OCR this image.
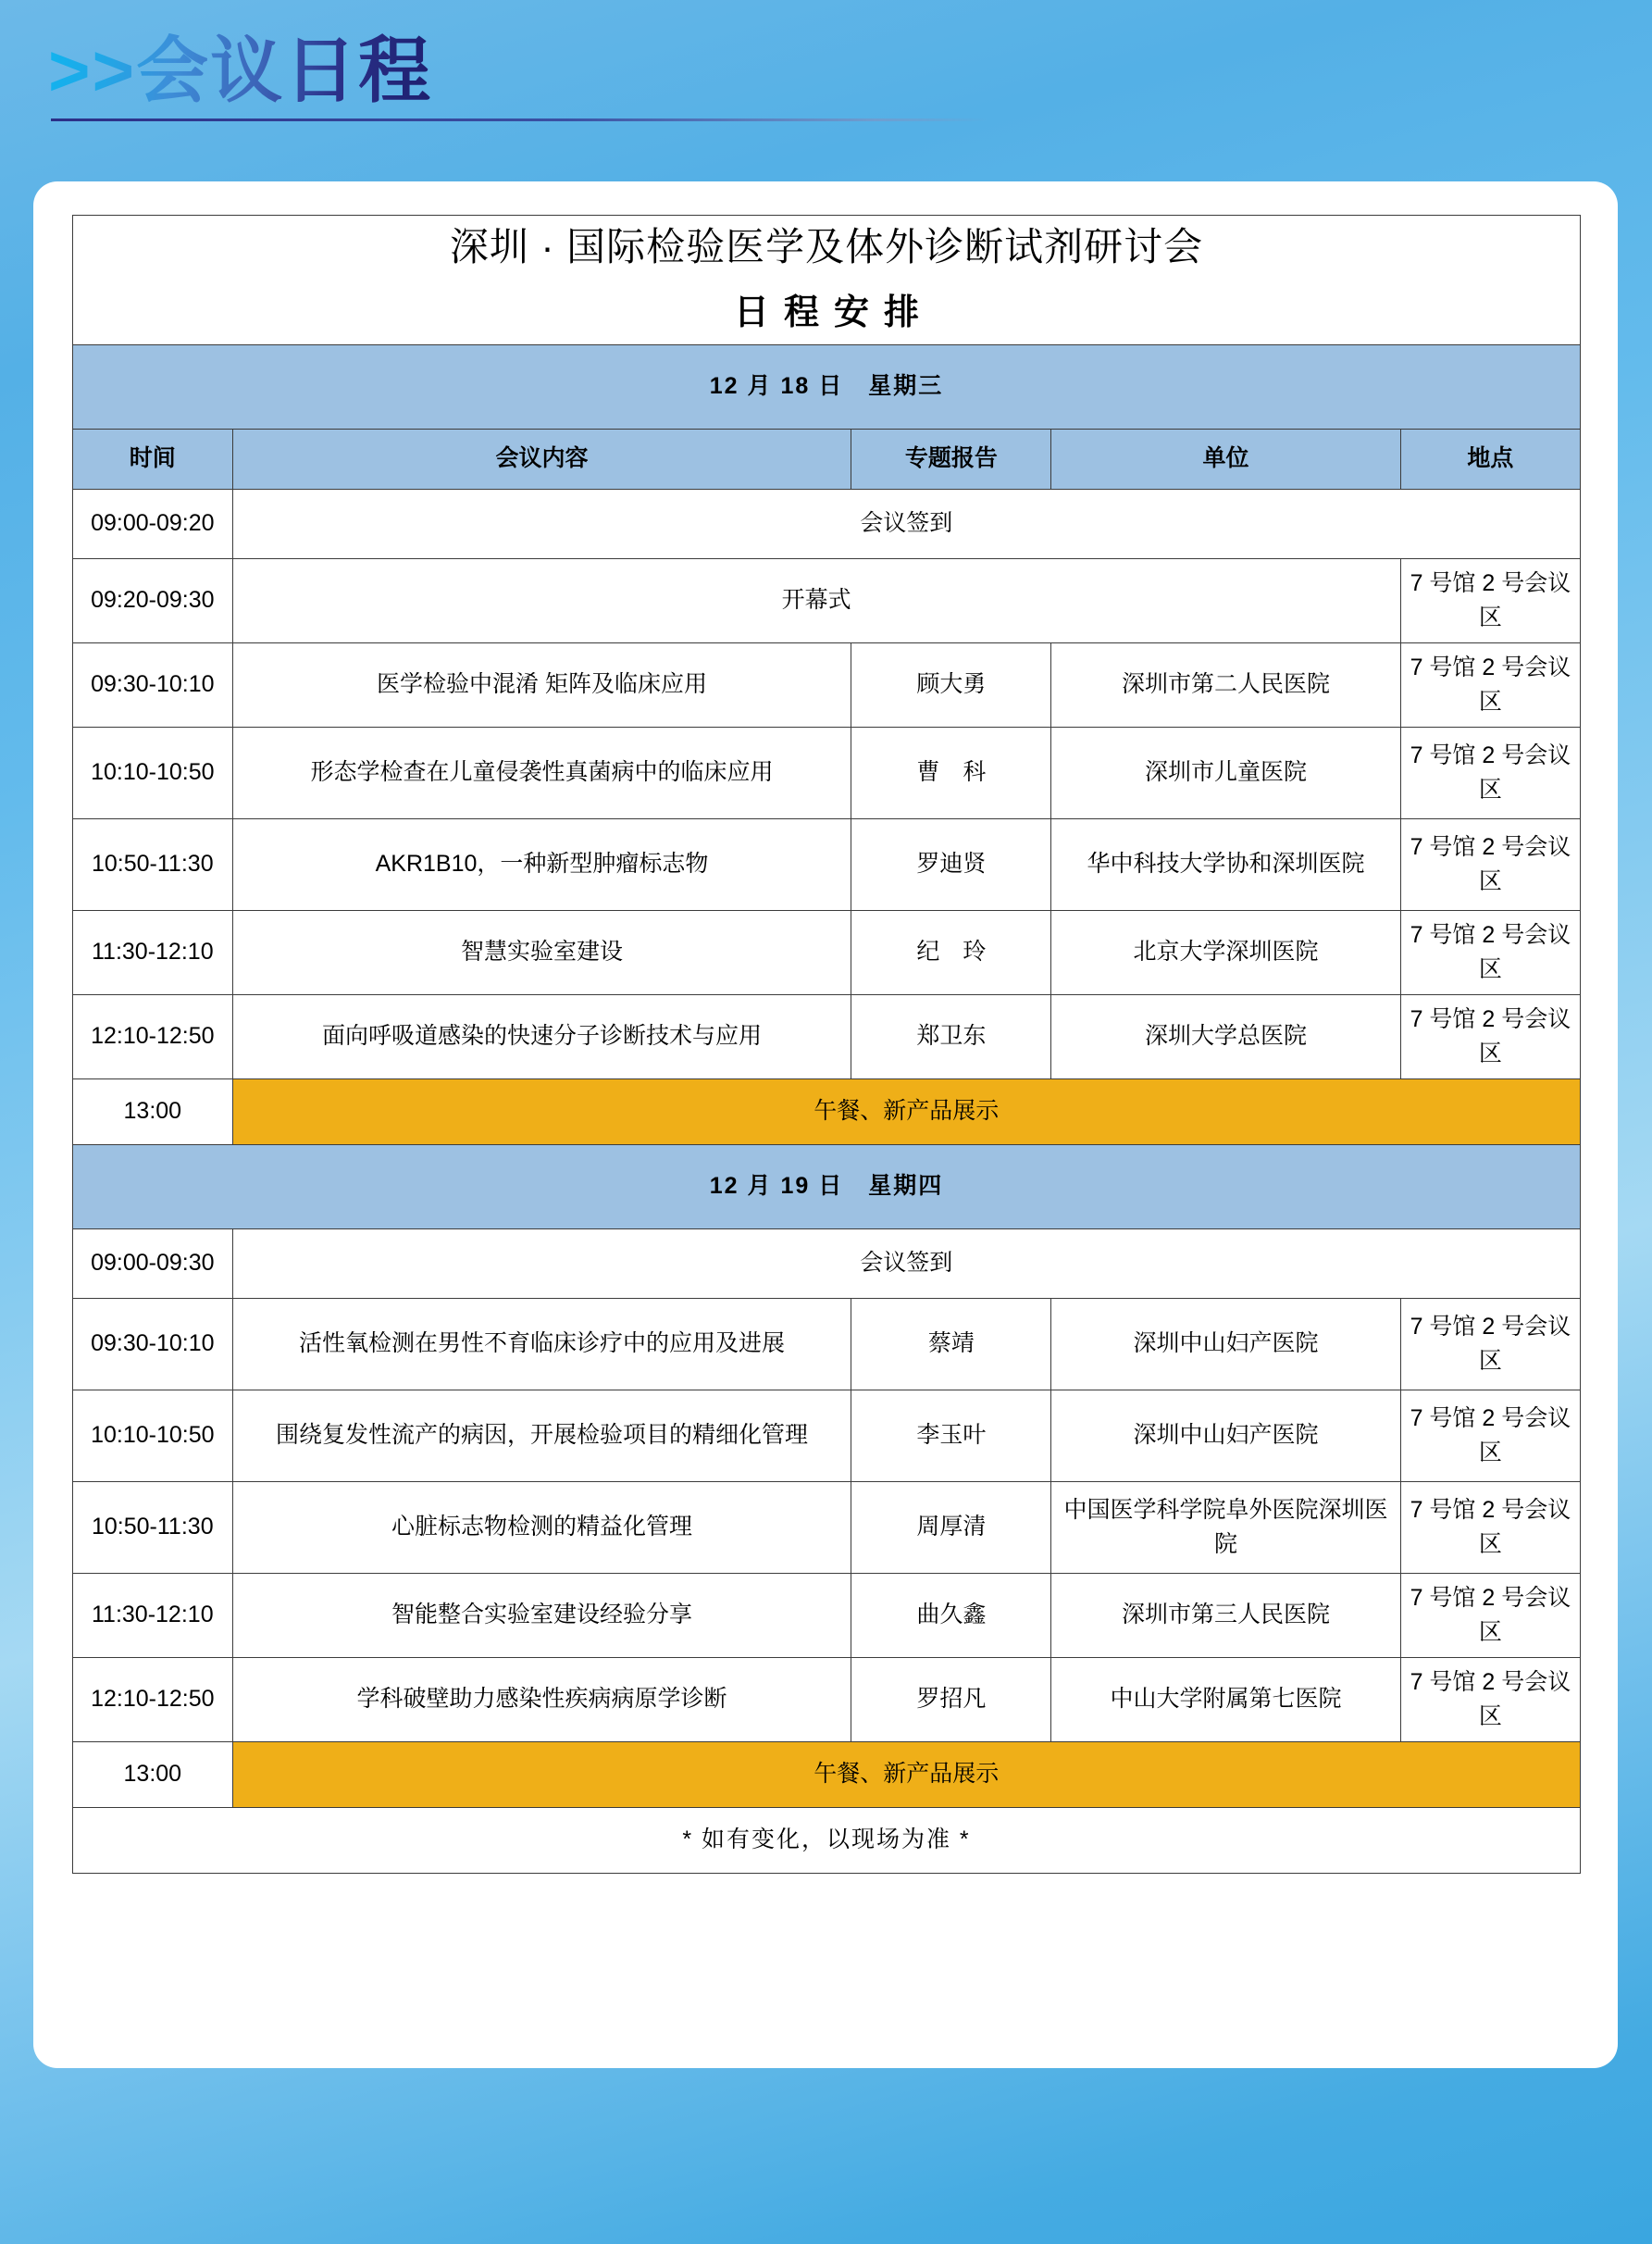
>>会议日程
深圳 · 国际检验医学及体外诊断试剂研讨会
日程安排				

12 月 18 日　星期三				
时间	会议内容	专题报告	单位	地点
09:00-09:20	会议签到			
09:20-09:30	开幕式			7 号馆 2 号会议区
09:30-10:10	医学检验中混淆 矩阵及临床应用	顾大勇	深圳市第二人民医院	7 号馆 2 号会议区
10:10-10:50	形态学检查在儿童侵袭性真菌病中的临床应用	曹　科	深圳市儿童医院	7 号馆 2 号会议区
10:50-11:30	AKR1B10，一种新型肿瘤标志物	罗迪贤	华中科技大学协和深圳医院	7 号馆 2 号会议区
11:30-12:10	智慧实验室建设	纪　玲	北京大学深圳医院	7 号馆 2 号会议区
12:10-12:50	面向呼吸道感染的快速分子诊断技术与应用	郑卫东	深圳大学总医院	7 号馆 2 号会议区
13:00	午餐、新产品展示			
12 月 19 日　星期四				
09:00-09:30	会议签到			
09:30-10:10	活性氧检测在男性不育临床诊疗中的应用及进展	蔡靖	深圳中山妇产医院	7 号馆 2 号会议区
10:10-10:50	围绕复发性流产的病因，开展检验项目的精细化管理	李玉叶	深圳中山妇产医院	7 号馆 2 号会议区
10:50-11:30	心脏标志物检测的精益化管理	周厚清	中国医学科学院阜外医院深圳医院	7 号馆 2 号会议区
11:30-12:10	智能整合实验室建设经验分享	曲久鑫	深圳市第三人民医院	7 号馆 2 号会议区
12:10-12:50	学科破壁助力感染性疾病病原学诊断	罗招凡	中山大学附属第七医院	7 号馆 2 号会议区
13:00	午餐、新产品展示			
* 如有变化，以现场为准 *				
